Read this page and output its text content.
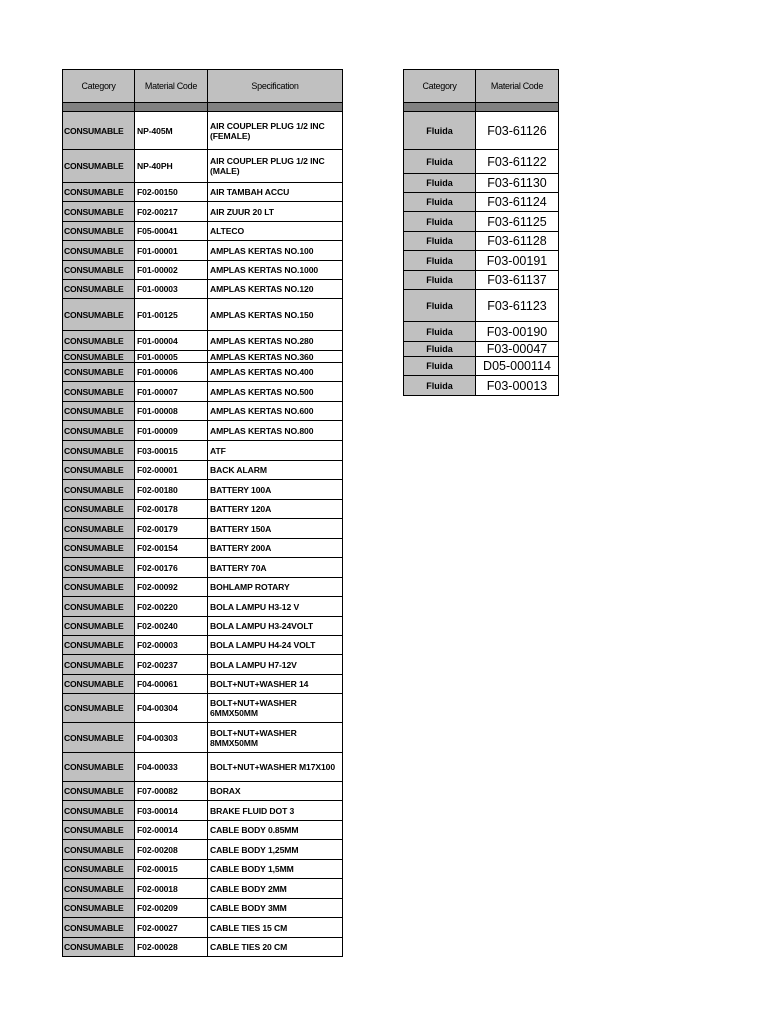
Category	Material Code	Specification

CONSUMABLE	NP-405M	AIR COUPLER PLUG 1/2 INC (FEMALE)
CONSUMABLE	NP-40PH	AIR COUPLER PLUG 1/2 INC (MALE)
CONSUMABLE	F02-00150	AIR TAMBAH ACCU
CONSUMABLE	F02-00217	AIR ZUUR 20 LT
CONSUMABLE	F05-00041	ALTECO
CONSUMABLE	F01-00001	AMPLAS KERTAS NO.100
CONSUMABLE	F01-00002	AMPLAS KERTAS NO.1000
CONSUMABLE	F01-00003	AMPLAS KERTAS NO.120
CONSUMABLE	F01-00125	AMPLAS KERTAS NO.150
CONSUMABLE	F01-00004	AMPLAS KERTAS NO.280
CONSUMABLE	F01-00005	AMPLAS KERTAS NO.360
CONSUMABLE	F01-00006	AMPLAS KERTAS NO.400
CONSUMABLE	F01-00007	AMPLAS KERTAS NO.500
CONSUMABLE	F01-00008	AMPLAS KERTAS NO.600
CONSUMABLE	F01-00009	AMPLAS KERTAS NO.800
CONSUMABLE	F03-00015	ATF
CONSUMABLE	F02-00001	BACK ALARM
CONSUMABLE	F02-00180	BATTERY 100A
CONSUMABLE	F02-00178	BATTERY 120A
CONSUMABLE	F02-00179	BATTERY 150A
CONSUMABLE	F02-00154	BATTERY 200A
CONSUMABLE	F02-00176	BATTERY 70A
CONSUMABLE	F02-00092	BOHLAMP ROTARY
CONSUMABLE	F02-00220	BOLA LAMPU H3-12 V
CONSUMABLE	F02-00240	BOLA LAMPU H3-24VOLT
CONSUMABLE	F02-00003	BOLA LAMPU H4-24 VOLT
CONSUMABLE	F02-00237	BOLA LAMPU H7-12V
CONSUMABLE	F04-00061	BOLT+NUT+WASHER 14
CONSUMABLE	F04-00304	BOLT+NUT+WASHER 6MMX50MM
CONSUMABLE	F04-00303	BOLT+NUT+WASHER 8MMX50MM
CONSUMABLE	F04-00033	BOLT+NUT+WASHER M17X100
CONSUMABLE	F07-00082	BORAX
CONSUMABLE	F03-00014	BRAKE FLUID DOT 3
CONSUMABLE	F02-00014	CABLE BODY 0.85MM
CONSUMABLE	F02-00208	CABLE BODY 1,25MM
CONSUMABLE	F02-00015	CABLE BODY 1,5MM
CONSUMABLE	F02-00018	CABLE BODY 2MM
CONSUMABLE	F02-00209	CABLE BODY 3MM
CONSUMABLE	F02-00027	CABLE TIES 15 CM
CONSUMABLE	F02-00028	CABLE TIES 20 CM
Category	Material Code

Fluida	F03-61126
Fluida	F03-61122
Fluida	F03-61130
Fluida	F03-61124
Fluida	F03-61125
Fluida	F03-61128
Fluida	F03-00191
Fluida	F03-61137
Fluida	F03-61123
Fluida	F03-00190
Fluida	F03-00047
Fluida	D05-000114
Fluida	F03-00013
